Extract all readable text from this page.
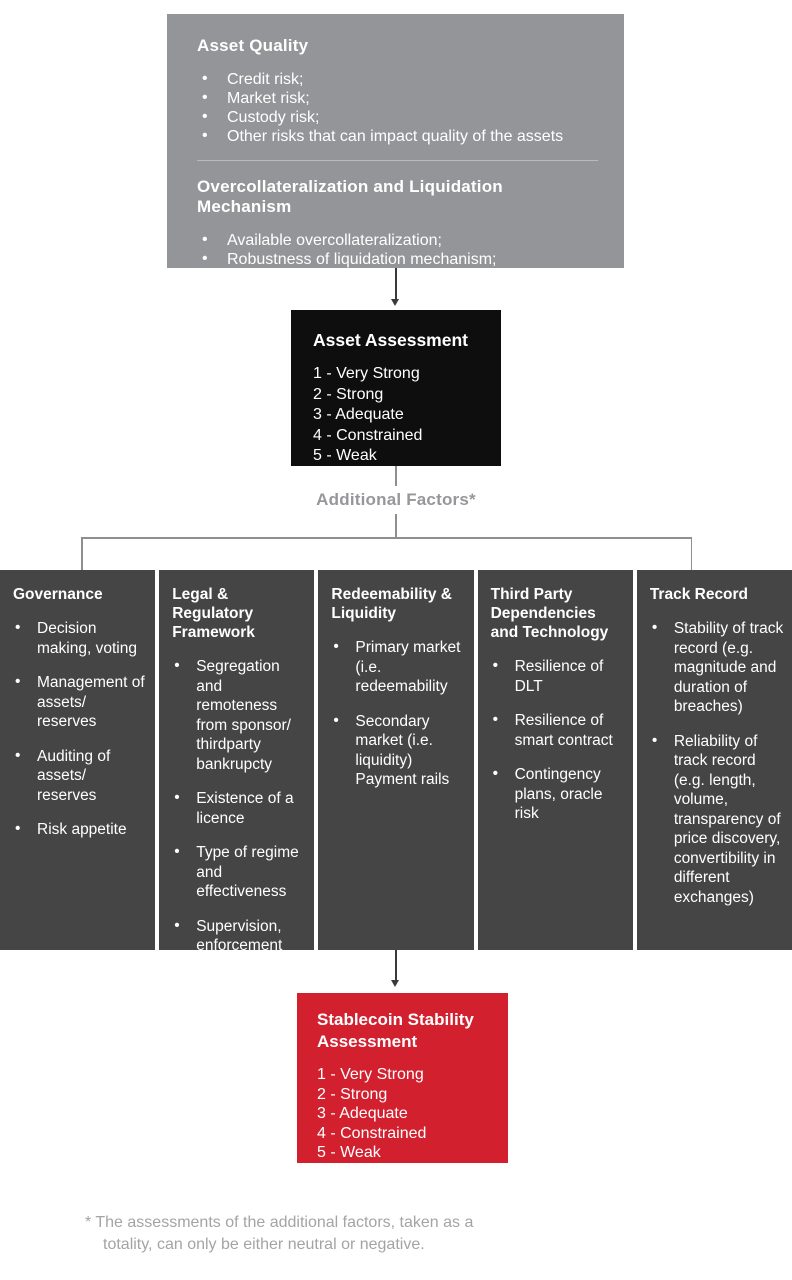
Asset Quality
• Credit risk;
• Market risk;
• Custody risk;
• Other risks that can impact quality of the assets
Overcollateralization and Liquidation Mechanism
• Available overcollateralization;
• Robustness of liquidation mechanism;
• Reserve funds
Asset Assessment
1 - Very Strong
2 - Strong
3 - Adequate
4 - Constrained
5 - Weak
Additional Factors*
Governance
• Decision making, voting
• Management of assets/ reserves
• Auditing of assets/ reserves
• Risk appetite
Legal & Regulatory Framework
• Segregation and remoteness from sponsor/ thirdparty bankrupcty
• Existence of a licence
• Type of regime and effectiveness
• Supervision, enforcement
Redeemability & Liquidity
• Primary market (i.e. redeemability
• Secondary market (i.e. liquidity) Payment rails
Third Party Dependencies and Technology
• Resilience of DLT
• Resilience of smart contract
• Contingency plans, oracle risk
Track Record
• Stability of track record (e.g. magnitude and duration of breaches)
• Reliability of track record (e.g. length, volume, transparency of price discovery, convertibility in different exchanges)
Stablecoin Stability Assessment
1 - Very Strong
2 - Strong
3 - Adequate
4 - Constrained
5 - Weak
* The assessments of the additional factors, taken as a totality, can only be either neutral or negative.
